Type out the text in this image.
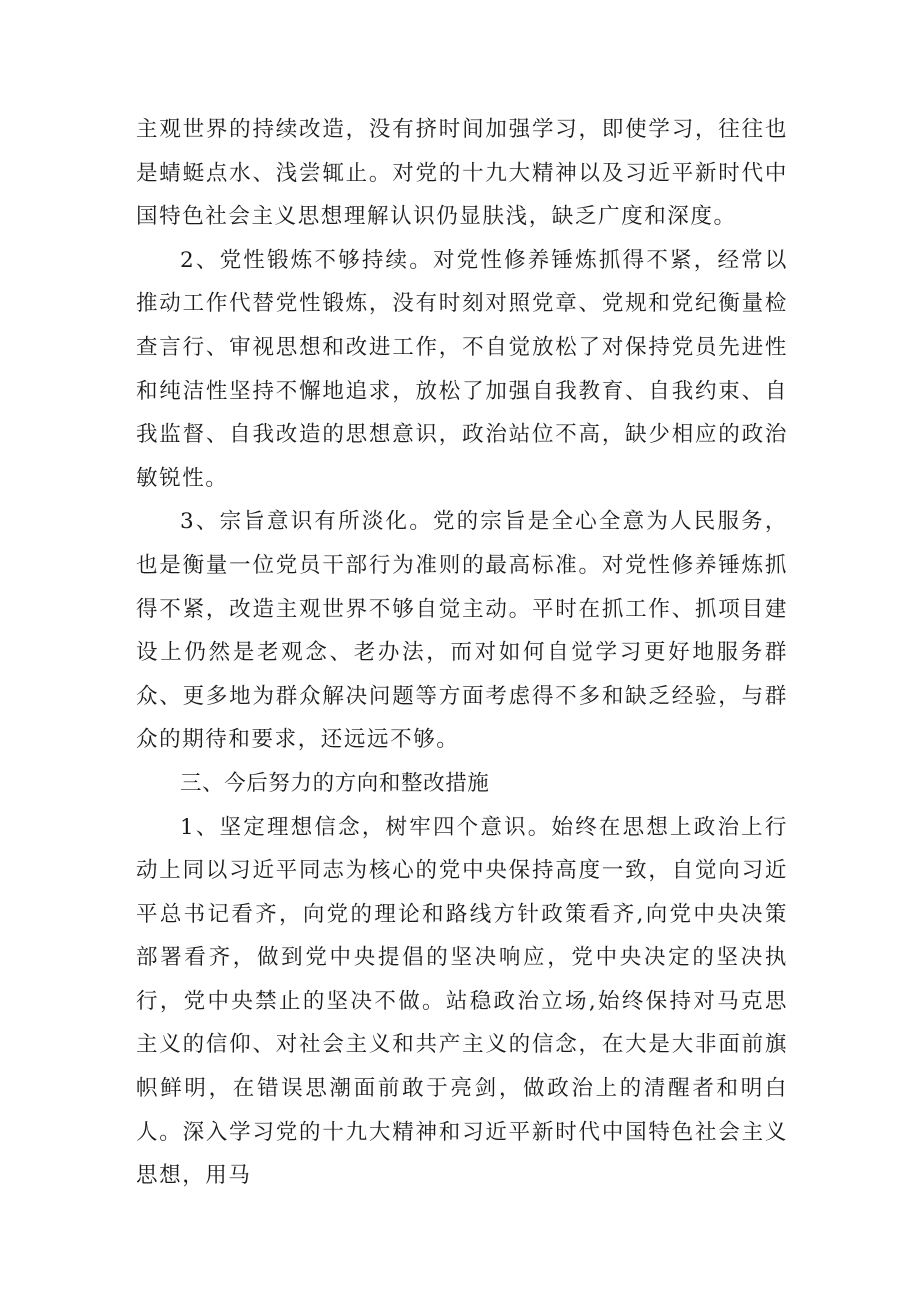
主观世界的持续改造，没有挤时间加强学习，即使学习，往往也是蜻蜓点水、浅尝辄止。对党的十九大精神以及习近平新时代中国特色社会主义思想理解认识仍显肤浅，缺乏广度和深度。

2、党性锻炼不够持续。对党性修养锤炼抓得不紧，经常以推动工作代替党性锻炼，没有时刻对照党章、党规和党纪衡量检查言行、审视思想和改进工作，不自觉放松了对保持党员先进性和纯洁性坚持不懈地追求，放松了加强自我教育、自我约束、自我监督、自我改造的思想意识，政治站位不高，缺少相应的政治敏锐性。

3、宗旨意识有所淡化。党的宗旨是全心全意为人民服务，也是衡量一位党员干部行为准则的最高标准。对党性修养锤炼抓得不紧，改造主观世界不够自觉主动。平时在抓工作、抓项目建设上仍然是老观念、老办法，而对如何自觉学习更好地服务群众、更多地为群众解决问题等方面考虑得不多和缺乏经验，与群众的期待和要求，还远远不够。

三、今后努力的方向和整改措施

1、坚定理想信念，树牢四个意识。始终在思想上政治上行动上同以习近平同志为核心的党中央保持高度一致，自觉向习近平总书记看齐，向党的理论和路线方针政策看齐,向党中央决策部署看齐，做到党中央提倡的坚决响应，党中央决定的坚决执行，党中央禁止的坚决不做。站稳政治立场,始终保持对马克思主义的信仰、对社会主义和共产主义的信念，在大是大非面前旗帜鲜明，在错误思潮面前敢于亮剑，做政治上的清醒者和明白人。深入学习党的十九大精神和习近平新时代中国特色社会主义思想，用马
